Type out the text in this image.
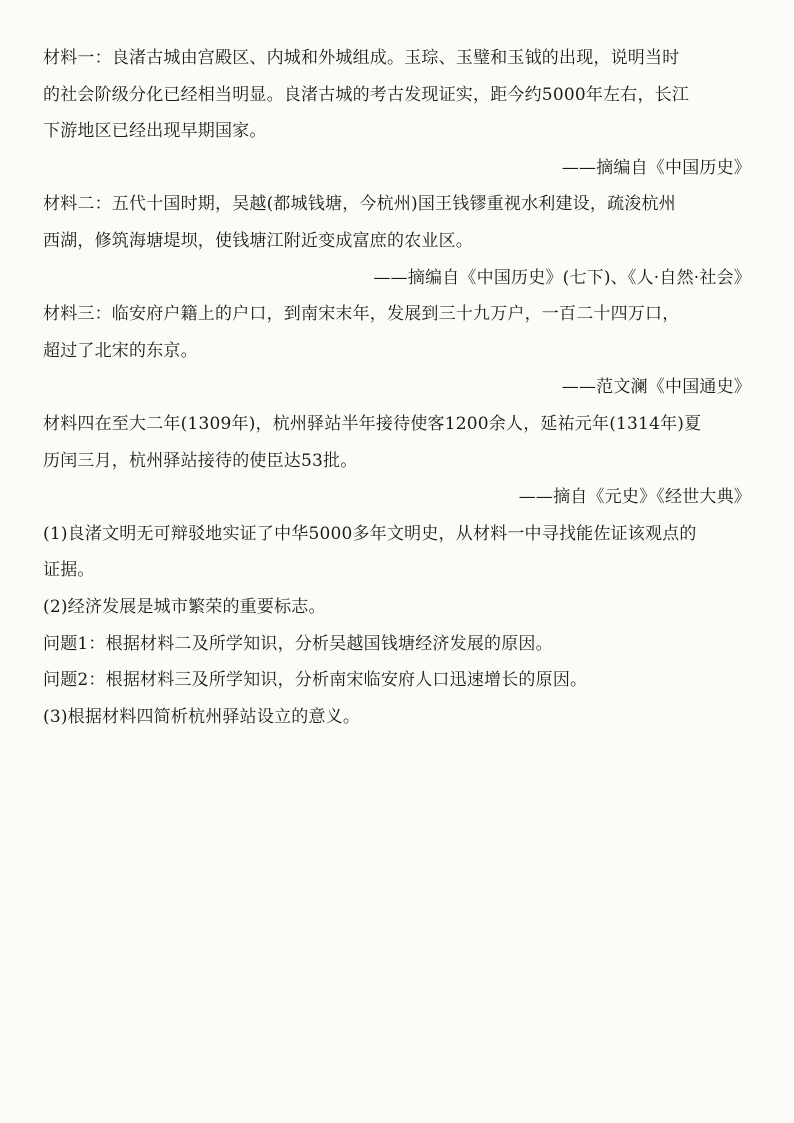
材料一：良渚古城由宫殿区、内城和外城组成。玉琮、玉璧和玉钺的出现，说明当时
的社会阶级分化已经相当明显。良渚古城的考古发现证实，距今约5000年左右，长江
下游地区已经出现早期国家。
——摘编自《中国历史》
材料二：五代十国时期，吴越(都城钱塘，今杭州)国王钱镠重视水利建设，疏浚杭州
西湖，修筑海塘堤坝，使钱塘江附近变成富庶的农业区。
——摘编自《中国历史》(七下)、《人·自然·社会》
材料三：临安府户籍上的户口，到南宋末年，发展到三十九万户，一百二十四万口，
超过了北宋的东京。
——范文澜《中国通史》
材料四在至大二年(1309年)，杭州驿站半年接待使客1200余人，延祐元年(1314年)夏
历闰三月，杭州驿站接待的使臣达53批。
——摘自《元史》《经世大典》
(1)良渚文明无可辩驳地实证了中华5000多年文明史，从材料一中寻找能佐证该观点的
证据。
(2)经济发展是城市繁荣的重要标志。
问题1：根据材料二及所学知识，分析吴越国钱塘经济发展的原因。
问题2：根据材料三及所学知识，分析南宋临安府人口迅速增长的原因。
(3)根据材料四简析杭州驿站设立的意义。
